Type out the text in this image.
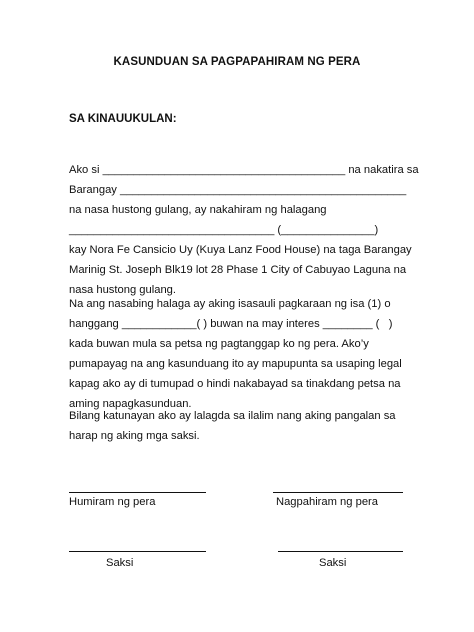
KASUNDUAN SA PAGPAPAHIRAM NG PERA
SA KINAUUKULAN:
Ako si _______________________________________ na nakatira sa
Barangay ______________________________________________
na nasa hustong gulang, ay nakahiram ng halagang
_________________________________ (_______________)
kay Nora Fe Cansicio Uy (Kuya Lanz Food House) na taga Barangay
Marinig St. Joseph Blk19 lot 28 Phase 1 City of Cabuyao Laguna na
nasa hustong gulang.
Na ang nasabing halaga ay aking isasauli pagkaraan ng isa (1) o
hanggang ____________( ) buwan na may interes ________ (   )
kada buwan mula sa petsa ng pagtanggap ko ng pera. Ako’y
pumapayag na ang kasunduang ito ay mapupunta sa usaping legal
kapag ako ay di tumupad o hindi nakabayad sa tinakdang petsa na
aming napagkasunduan.
Bilang katunayan ako ay lalagda sa ilalim nang aking pangalan sa
harap ng aking mga saksi.
Humiram ng pera	Nagpahiram ng pera
Saksi	Saksi
